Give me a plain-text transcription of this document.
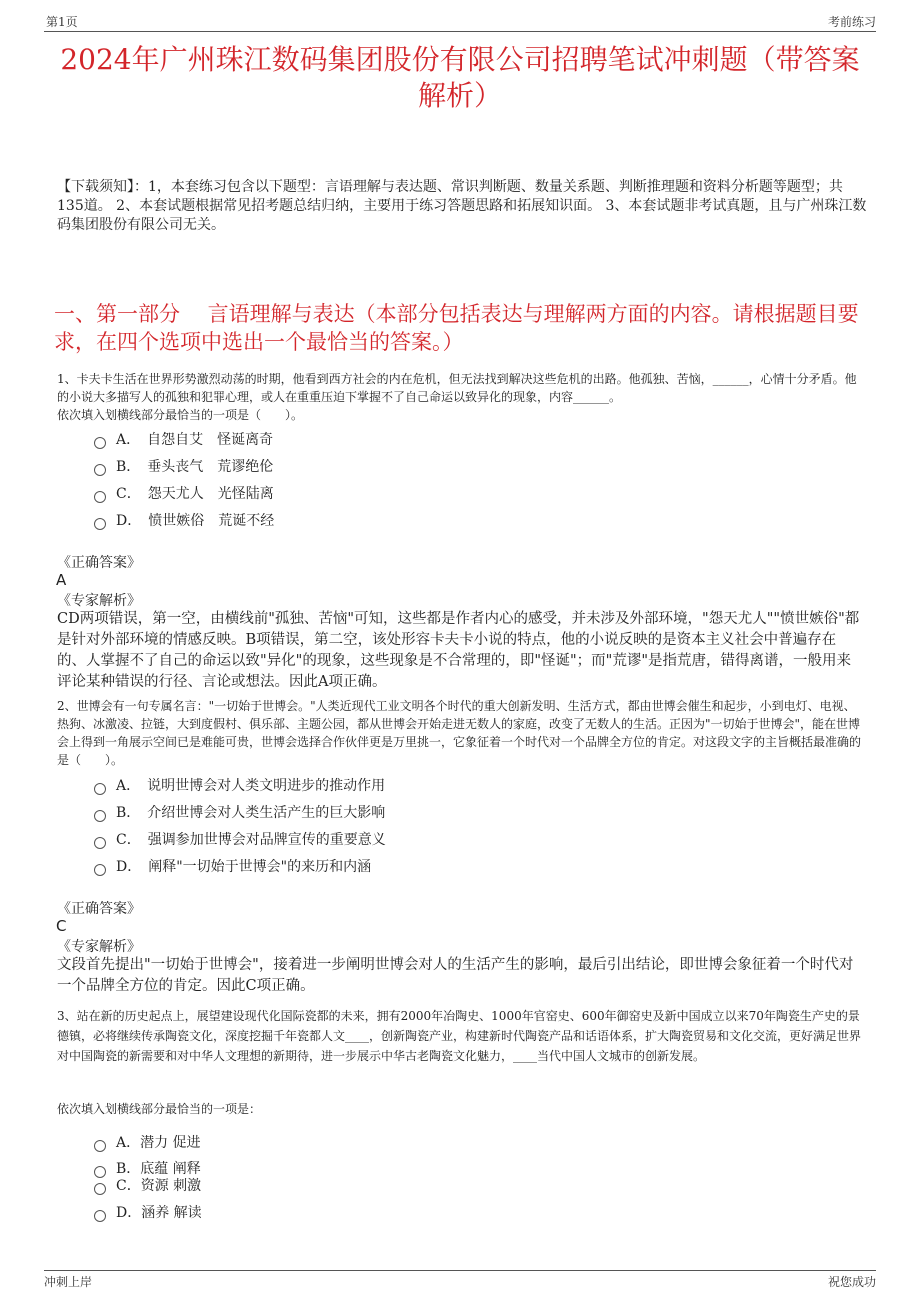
第1页	考前练习
2024年广州珠江数码集团股份有限公司招聘笔试冲刺题（带答案解析）
【下载须知】：1，本套练习包含以下题型：言语理解与表达题、常识判断题、数量关系题、判断推理题和资料分析题等题型；共135道。 2、本套试题根据常见招考题总结归纳，主要用于练习答题思路和拓展知识面。 3、本套试题非考试真题，且与广州珠江数码集团股份有限公司无关。
一、第一部分　 言语理解与表达（本部分包括表达与理解两方面的内容。请根据题目要求，在四个选项中选出一个最恰当的答案。）
1、卡夫卡生活在世界形势激烈动荡的时期，他看到西方社会的内在危机，但无法找到解决这些危机的出路。他孤独、苦恼，______，心情十分矛盾。他的小说大多描写人的孤独和犯罪心理，或人在重重压迫下掌握不了自己命运以致异化的现象，内容______。
依次填入划横线部分最恰当的一项是（　　）。
A．　自怨自艾　怪诞离奇
B．　垂头丧气　荒谬绝伦
C．　怨天尤人　光怪陆离
D．　愤世嫉俗　荒诞不经
《正确答案》
A
《专家解析》
CD两项错误，第一空，由横线前"孤独、苦恼"可知，这些都是作者内心的感受，并未涉及外部环境，"怨天尤人""愤世嫉俗"都是针对外部环境的情感反映。B项错误，第二空，该处形容卡夫卡小说的特点，他的小说反映的是资本主义社会中普遍存在的、人掌握不了自己的命运以致"异化"的现象，这些现象是不合常理的，即"怪诞"；而"荒谬"是指荒唐，错得离谱，一般用来评论某种错误的行径、言论或想法。因此A项正确。
2、世博会有一句专属名言："一切始于世博会。"人类近现代工业文明各个时代的重大创新发明、生活方式，都由世博会催生和起步，小到电灯、电视、热狗、冰激凌、拉链，大到度假村、俱乐部、主题公园，都从世博会开始走进无数人的家庭，改变了无数人的生活。正因为"一切始于世博会"，能在世博会上得到一角展示空间已是难能可贵，世博会选择合作伙伴更是万里挑一，它象征着一个时代对一个品牌全方位的肯定。对这段文字的主旨概括最准确的是（　　）。
A．　说明世博会对人类文明进步的推动作用
B．　介绍世博会对人类生活产生的巨大影响
C．　强调参加世博会对品牌宣传的重要意义
D．　阐释"一切始于世博会"的来历和内涵
《正确答案》
C
《专家解析》
文段首先提出"一切始于世博会"，接着进一步阐明世博会对人的生活产生的影响，最后引出结论，即世博会象征着一个时代对一个品牌全方位的肯定。因此C项正确。
3、站在新的历史起点上，展望建设现代化国际瓷都的未来，拥有2000年冶陶史、1000年官窑史、600年御窑史及新中国成立以来70年陶瓷生产史的景德镇，必将继续传承陶瓷文化，深度挖掘千年瓷都人文____，创新陶瓷产业，构建新时代陶瓷产品和话语体系，扩大陶瓷贸易和文化交流，更好满足世界对中国陶瓷的新需要和对中华人文理想的新期待，进一步展示中华古老陶瓷文化魅力，____当代中国人文城市的创新发展。
依次填入划横线部分最恰当的一项是：
A．潜力 促进
B．底蕴 阐释
C．资源 刺激
D．涵养 解读
冲刺上岸	祝您成功
